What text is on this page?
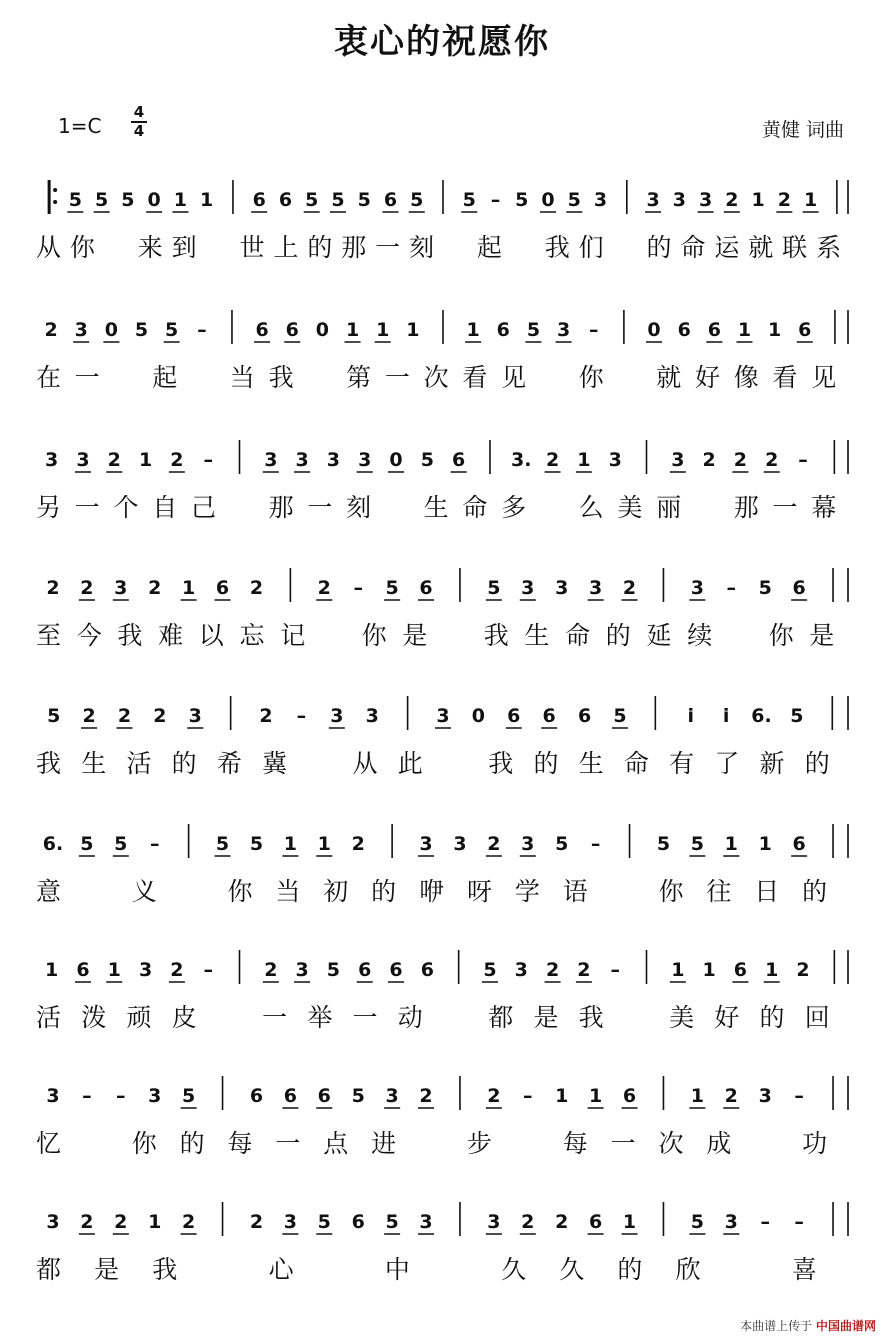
衷心的祝愿你
1=C
4
4	黄健 词曲
5 5 5 0 1 1 6 6 5 5 5 6 5 5 – 5 0 5 3 3 3 3 2 1 2 1
从 你 来 到 世 上 的 那 一 刻 起 我 们 的 命 运 就 联 系
2 3 0 5 5 –	6 6 0 1 1 1 1 6 5 3 –	0 6 6 1 1 6
在 一 起 当 我 第 一 次 看 见 你 就 好 像 看 见
3 3 2 1 2 –	3 3 3 3 0 5 6 3. 2 1 3	3 2 2 2 –
另 一 个 自 己 那 一 刻 生 命 多 么 美 丽 那 一 幕
2 2 3 2 1 6 2	2 – 5 6	5 3 3 3 2	3 – 5 6
至 今 我 难 以 忘 记 你 是 我 生 命 的 延 续 你 是
5 2 2 2 3	2 – 3 3	3 0 6 6 6 5	i i 6. 5
我 生 活 的 希 冀	从 此	我 的 生 命 有 了 新 的
6. 5 5 –	5 5 1 1 2	3 3 2 3 5 –	5 5 1 1 6
意	义	你 当 初 的 咿 呀 学 语	你 往 日 的
1 6 1 3 2 –	2 3 5 6 6 6	5 3 2 2 –	1 1 6 1 2
活 泼 顽 皮	一 举 一 动	都 是 我	美 好 的 回
3 – – 3 5	6 6 6 5 3 2	2 – 1 1 6	1 2 3 –
忆	你 的 每 一 点 进	步	每 一 次 成	功
3 2 2 1 2	2 3 5 6 5 3	3 2 2 6 1	5 3 – –
都 是 我	心	中	久 久 的 欣	喜
本曲谱上传于 中国曲谱网
